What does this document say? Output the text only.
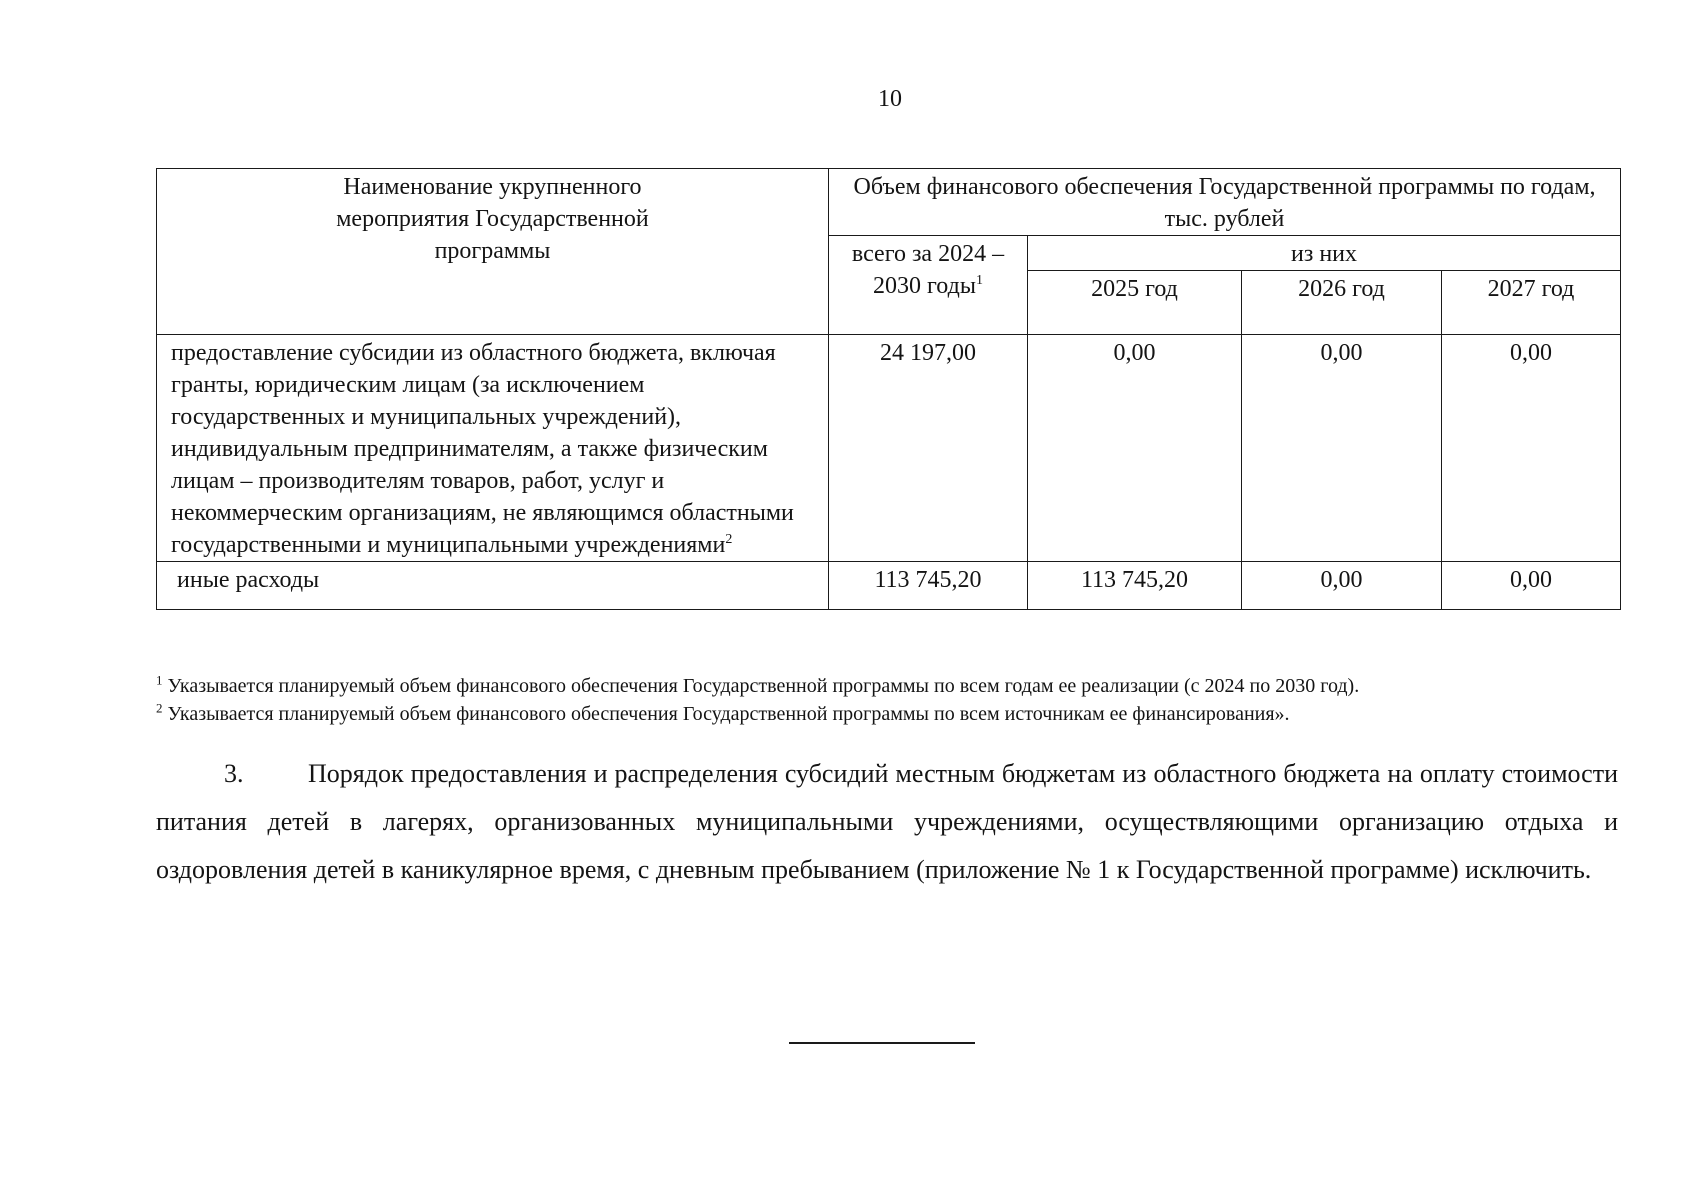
10
Наименование укрупненного мероприятия Государственной программы	Объем финансового обеспечения Государственной программы по годам, тыс. рублей			
	всего за 2024 – 2030 годы$^1$	из них		
		2025 год	2026 год	2027 год
предоставление субсидии из областного бюджета, включая гранты, юридическим лицам (за исключением государственных и муниципальных учреждений), индивидуальным предпринимателям, а также физическим лицам – производителям товаров, работ, услуг и некоммерческим организациям, не являющимся областными государственными и муниципальными учреждениями$^2$	24 197,00	0,00	0,00	0,00
иные расходы	113 745,20	113 745,20	0,00	0,00
$^1$ Указывается планируемый объем финансового обеспечения Государственной программы по всем годам ее реализации (с 2024 по 2030 год).
$^2$ Указывается планируемый объем финансового обеспечения Государственной программы по всем источникам ее финансирования».
3. Порядок предоставления и распределения субсидий местным бюджетам из областного бюджета на оплату стоимости питания детей в лагерях, организованных муниципальными учреждениями, осуществляющими организацию отдыха и оздоровления детей в каникулярное время, с дневным пребыванием (приложение № 1 к Государственной программе) исключить.
